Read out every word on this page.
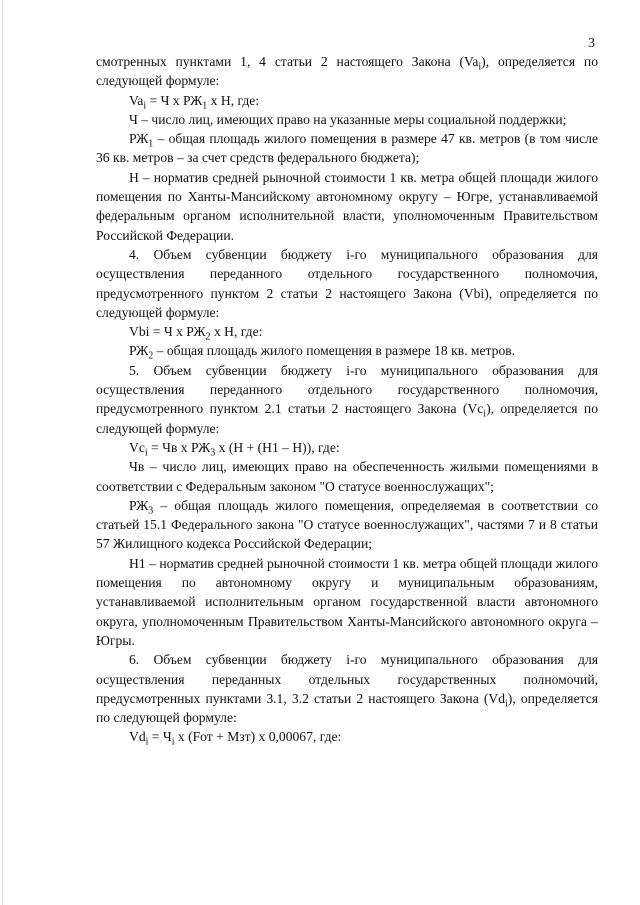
3

смотренных пунктами 1, 4 статьи 2 настоящего Закона $(Va_i)$, определяется по следующей формуле:

$Va_i = Ч$ x $РЖ_1$ x Н, где:

Ч – число лиц, имеющих право на указанные меры социальной поддержки;

$РЖ_1$ – общая площадь жилого помещения в размере 47 кв. метров (в том числе 36 кв. метров – за счет средств федерального бюджета);

Н – норматив средней рыночной стоимости 1 кв. метра общей площади жилого помещения по Ханты-Мансийскому автономному округу – Югре, устанавливаемой федеральным органом исполнительной власти, уполномоченным Правительством Российской Федерации.

4. Объем субвенции бюджету i-го муниципального образования для осуществления переданного отдельного государственного полномочия, предусмотренного пунктом 2 статьи 2 настоящего Закона (Vbi), определяется по следующей формуле:

Vbi = Ч x $РЖ_2$ x Н, где:

$РЖ_2$ – общая площадь жилого помещения в размере 18 кв. метров.

5. Объем субвенции бюджету i-го муниципального образования для осуществления переданного отдельного государственного полномочия, предусмотренного пунктом 2.1 статьи 2 настоящего Закона $(Vc_i)$, определяется по следующей формуле:

$Vc_i$ = Чв x $РЖ_3$ x (Н + (Н1 – Н)), где:

Чв – число лиц, имеющих право на обеспеченность жилыми помещениями в соответствии с Федеральным законом "О статусе военнослужащих";

$РЖ_3$ – общая площадь жилого помещения, определяемая в соответствии со статьей 15.1 Федерального закона "О статусе военнослужащих", частями 7 и 8 статьи 57 Жилищного кодекса Российской Федерации;

Н1 – норматив средней рыночной стоимости 1 кв. метра общей площади жилого помещения по автономному округу и муниципальным образованиям, устанавливаемой исполнительным органом государственной власти автономного округа, уполномоченным Правительством Ханты-Мансийского автономного округа – Югры.

6. Объем субвенции бюджету i-го муниципального образования для осуществления переданных отдельных государственных полномочий, предусмотренных пунктами 3.1, 3.2 статьи 2 настоящего Закона $(Vd_i)$, определяется по следующей формуле:

$Vd_i = Ч_i$ x (Fот + Мзт) x 0,00067, где:
